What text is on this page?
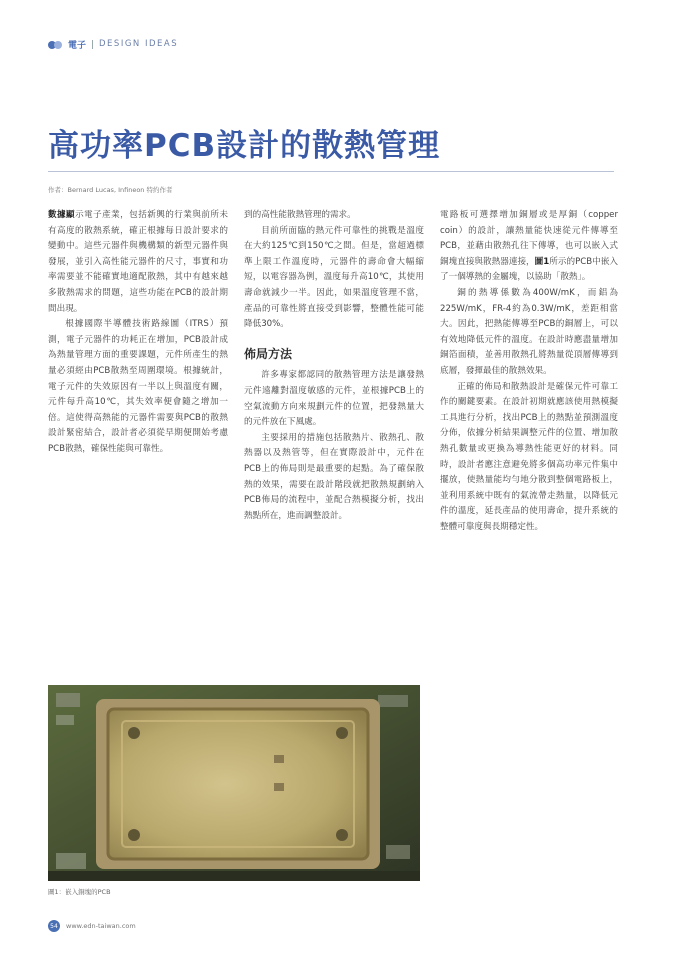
電子 DESIGN IDEAS
高功率PCB設計的散熱管理
作者：Bernard Lucas, Infineon 特約作者

數據顯示電子產業，包括新興的行業與前所未有高度的散熱系統，確正根據每日設計要求的變動中。這些元器件與機構類的新型元器件與發展，並引入高性能元器件的尺寸，事實和功率需要並不能確實地適配散熱，其中有越來越多散熱需求的問題，這些功能在PCB的設計期間出現。

根據國際半導體技術路線圖（ITRS）預測，電子元器件的功耗正在增加，PCB設計成為熱量管理方面的重要課題，元件所產生的熱量必須經由PCB散熱至周圍環境。根據統計，電子元件的失效原因有一半以上與溫度有關，元件每升高10℃，其失效率便會隨之增加一倍。這使得高熱能的元器件需要與PCB的散熱設計緊密結合，設計者必須從早期便開始考慮PCB散熱，確保性能與可靠性。

到的高性能散熱管理的需求。

目前所面臨的熱元件可靠性的挑戰是溫度在大約125℃到150℃之間。但是，當超過標準上限工作溫度時，元器件的壽命會大幅縮短，以電容器為例，溫度每升高10℃，其使用壽命就減少一半。因此，如果溫度管理不當，產品的可靠性將直接受到影響，整體性能可能降低30%。

佈局方法

許多專家都認同的散熱管理方法是讓發熱元件遠離對溫度敏感的元件，並根據PCB上的空氣流動方向來規劃元件的位置，把發熱量大的元件放在下風處。

主要採用的措施包括散熱片、散熱孔、散熱器以及熱管等，但在實際設計中，元件在PCB上的佈局則是最重要的起點。為了確保散熱的效果，需要在設計階段就把散熱規劃納入PCB佈局的流程中，並配合熱模擬分析，找出熱點所在，進而調整設計。

電路板可選擇增加銅層或是厚銅（copper coin）的設計，讓熱量能快速從元件傳導至PCB，並藉由散熱孔往下傳導，也可以嵌入式銅塊直接與散熱器連接，圖1所示的PCB中嵌入了一個導熱的金屬塊，以協助「散熱」。

銅的熱導係數為400W/mK，而鋁為225W/mK，FR-4約為0.3W/mK，差距相當大。因此，把熱能傳導至PCB的銅層上，可以有效地降低元件的溫度。在設計時應盡量增加銅箔面積，並善用散熱孔將熱量從頂層傳導到底層，發揮最佳的散熱效果。

正確的佈局和散熱設計是確保元件可靠工作的關鍵要素。在設計初期就應該使用熱模擬工具進行分析，找出PCB上的熱點並預測溫度分佈，依據分析結果調整元件的位置、增加散熱孔數量或更換為導熱性能更好的材料。同時，設計者應注意避免將多個高功率元件集中擺放，使熱量能均勻地分散到整個電路板上，並利用系統中既有的氣流帶走熱量，以降低元件的溫度，延長產品的使用壽命，提升系統的整體可靠度與長期穩定性。

圖1：嵌入銅塊的PCB
54	www.edn-taiwan.com
